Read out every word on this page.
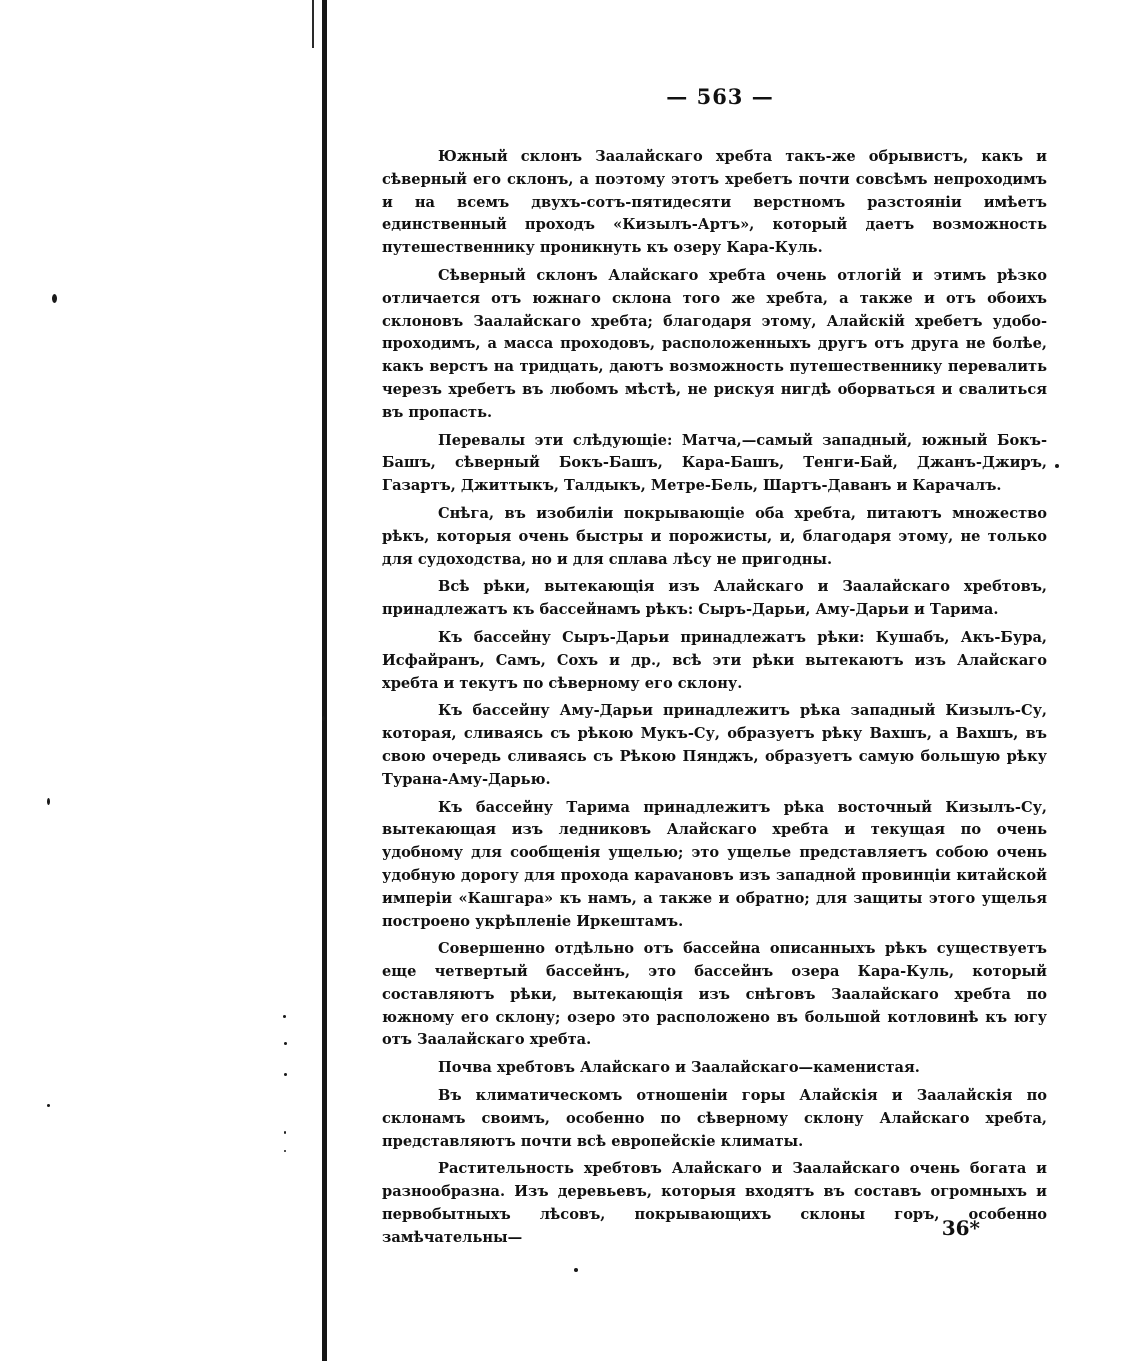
— 563 —

Южный склонъ Заалайскаго хребта такъ-же обрывистъ, какъ и сѣверный его склонъ, а поэтому этотъ хребетъ почти совсѣмъ непроходимъ и на всемъ двухъ-сотъ-пятидесяти верстномъ разстояніи имѣетъ единственный проходъ «Кизылъ-Артъ», который даетъ возможность путешественнику проникнуть къ озеру Кара-Куль.

Сѣверный склонъ Алайскаго хребта очень отлогій и этимъ рѣзко отличается отъ южнаго склона того же хребта, а также и отъ обоихъ склоновъ Заалайскаго хребта; благодаря этому, Алайскій хребетъ удобо-проходимъ, а масса проходовъ, расположенныхъ другъ отъ друга не болѣе, какъ верстъ на тридцать, даютъ возможность путешественнику перевалить черезъ хребетъ въ любомъ мѣстѣ, не рискуя нигдѣ оборваться и свалиться въ пропасть.

Перевалы эти слѣдующіе: Матча,—самый западный, южный Бокъ-Башъ, сѣверный Бокъ-Башъ, Кара-Башъ, Тенги-Бай, Джанъ-Джиръ, Газартъ, Джиттыкъ, Талдыкъ, Метре-Бель, Шартъ-Даванъ и Карачалъ.

Снѣга, въ изобиліи покрывающіе оба хребта, питаютъ множество рѣкъ, которыя очень быстры и порожисты, и, благодаря этому, не только для судоходства, но и для сплава лѣсу не пригодны.

Всѣ рѣки, вытекающія изъ Алайскаго и Заалайскаго хребтовъ, принадлежатъ къ бассейнамъ рѣкъ: Сыръ-Дарьи, Аму-Дарьи и Тарима.

Къ бассейну Сыръ-Дарьи принадлежатъ рѣки: Кушабъ, Акъ-Бура, Исфайранъ, Самъ, Сохъ и др., всѣ эти рѣки вытекаютъ изъ Алайскаго хребта и текутъ по сѣверному его склону.

Къ бассейну Аму-Дарьи принадлежитъ рѣка западный Кизылъ-Су, которая, сливаясь съ рѣкою Мукъ-Су, образуетъ рѣку Вахшъ, а Вахшъ, въ свою очередь сливаясь съ Рѣкою Пянджъ, образуетъ самую большую рѣку Турана-Аму-Дарью.

Къ бассейну Тарима принадлежитъ рѣка восточный Кизылъ-Су, вытекающая изъ ледниковъ Алайскаго хребта и текущая по очень удобному для сообщенія ущелью; это ущелье представляетъ собою очень удобную дорогу для прохода карavановъ изъ западной провинціи китайской имперіи «Кашгара» къ намъ, а также и обратно; для защиты этого ущелья построено укрѣпленіе Иркештамъ.

Совершенно отдѣльно отъ бассейна описанныхъ рѣкъ существуетъ еще четвертый бассейнъ, это бассейнъ озера Кара-Куль, который составляютъ рѣки, вытекающія изъ снѣговъ Заалайскаго хребта по южному его склону; озеро это расположено въ большой котловинѣ къ югу отъ Заалайскаго хребта.

Почва хребтовъ Алайскаго и Заалайскаго—каменистая.

Въ климатическомъ отношеніи горы Алайскія и Заалайскія по склонамъ своимъ, особенно по сѣверному склону Алайскаго хребта, представляютъ почти всѣ европейскіе климаты.

Растительность хребтовъ Алайскаго и Заалайскаго очень богата и разнообразна. Изъ деревьевъ, которыя входятъ въ составъ огромныхъ и первобытныхъ лѣсовъ, покрывающихъ склоны горъ, особенно замѣчательны—	36*
